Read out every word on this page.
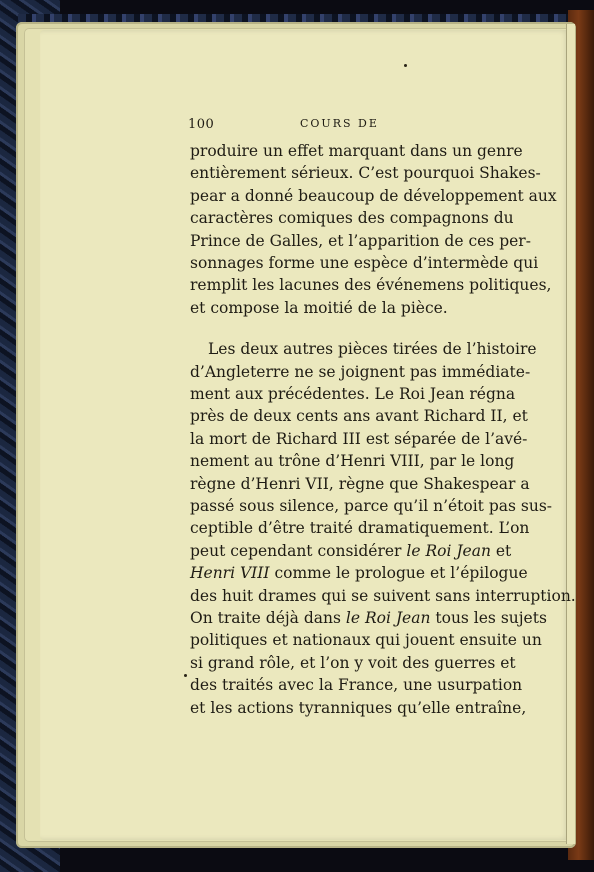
100	COURS DE
produire un effet marquant dans un genre
entièrement sérieux. C’est pourquoi Shakes-
pear a donné beaucoup de développement aux
caractères comiques des compagnons du
Prince de Galles, et l’apparition de ces per-
sonnages forme une espèce d’intermède qui
remplit les lacunes des événemens politiques,
et compose la moitié de la pièce.
Les deux autres pièces tirées de l’histoire
d’Angleterre ne se joignent pas immédiate-
ment aux précédentes. Le Roi Jean régna
près de deux cents ans avant Richard II, et
la mort de Richard III est séparée de l’avé-
nement au trône d’Henri VIII, par le long
règne d’Henri VII, règne que Shakespear a
passé sous silence, parce qu’il n’étoit pas sus-
ceptible d’être traité dramatiquement. L’on
peut cependant considérer le Roi Jean et
Henri VIII comme le prologue et l’épilogue
des huit drames qui se suivent sans interruption.
On traite déjà dans le Roi Jean tous les sujets
politiques et nationaux qui jouent ensuite un
si grand rôle, et l’on y voit des guerres et
des traités avec la France, une usurpation
et les actions tyranniques qu’elle entraîne,
